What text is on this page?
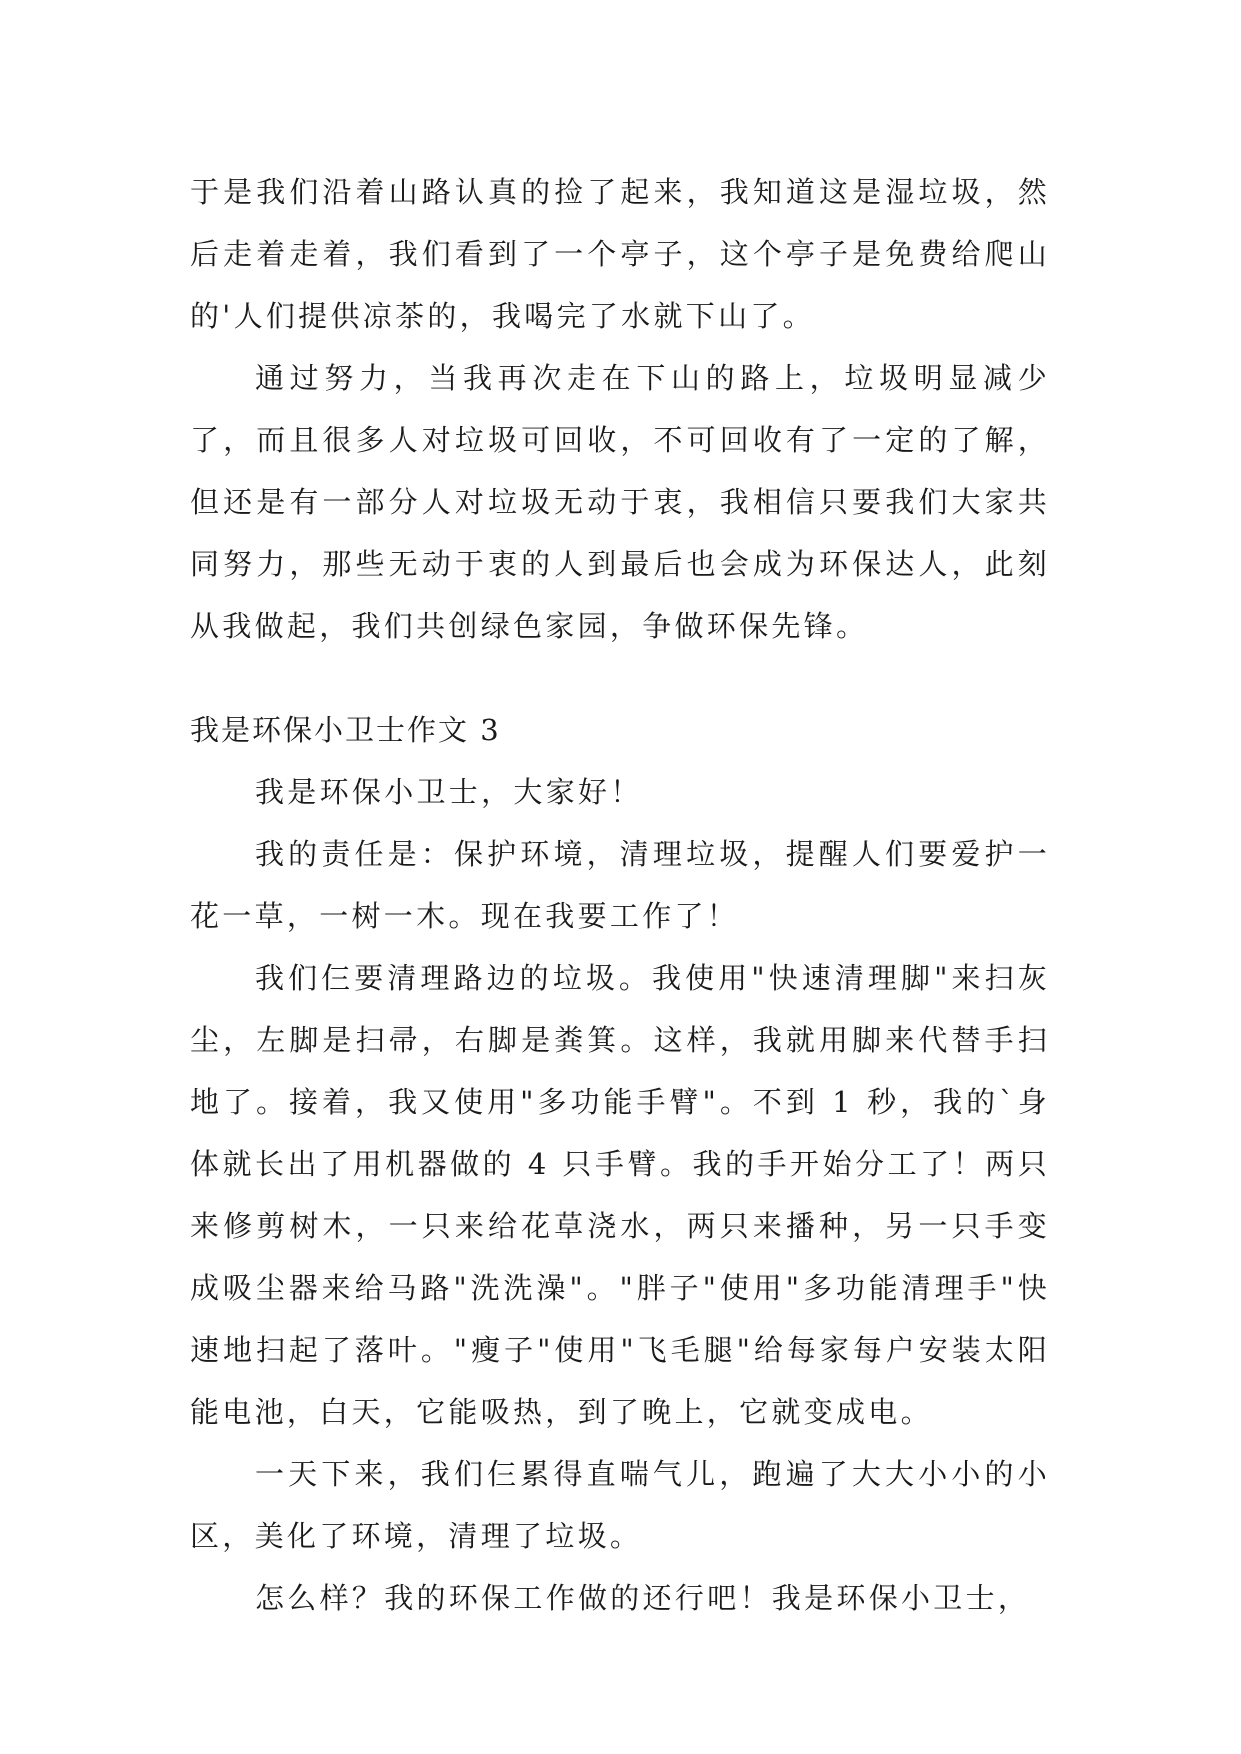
于是我们沿着山路认真的捡了起来，我知道这是湿垃圾，然后走着走着，我们看到了一个亭子，这个亭子是免费给爬山的'人们提供凉茶的，我喝完了水就下山了。

通过努力，当我再次走在下山的路上，垃圾明显减少了，而且很多人对垃圾可回收，不可回收有了一定的了解，但还是有一部分人对垃圾无动于衷，我相信只要我们大家共同努力，那些无动于衷的人到最后也会成为环保达人，此刻从我做起，我们共创绿色家园，争做环保先锋。

我是环保小卫士作文 3

我是环保小卫士，大家好！

我的责任是：保护环境，清理垃圾，提醒人们要爱护一花一草，一树一木。现在我要工作了！

我们仨要清理路边的垃圾。我使用"快速清理脚"来扫灰尘，左脚是扫帚，右脚是粪箕。这样，我就用脚来代替手扫地了。接着，我又使用"多功能手臂"。不到 1 秒，我的`身体就长出了用机器做的 4 只手臂。我的手开始分工了！两只来修剪树木，一只来给花草浇水，两只来播种，另一只手变成吸尘器来给马路"洗洗澡"。"胖子"使用"多功能清理手"快速地扫起了落叶。"瘦子"使用"飞毛腿"给每家每户安装太阳能电池，白天，它能吸热，到了晚上，它就变成电。

一天下来，我们仨累得直喘气儿，跑遍了大大小小的小区，美化了环境，清理了垃圾。

怎么样？我的环保工作做的还行吧！我是环保小卫士，
